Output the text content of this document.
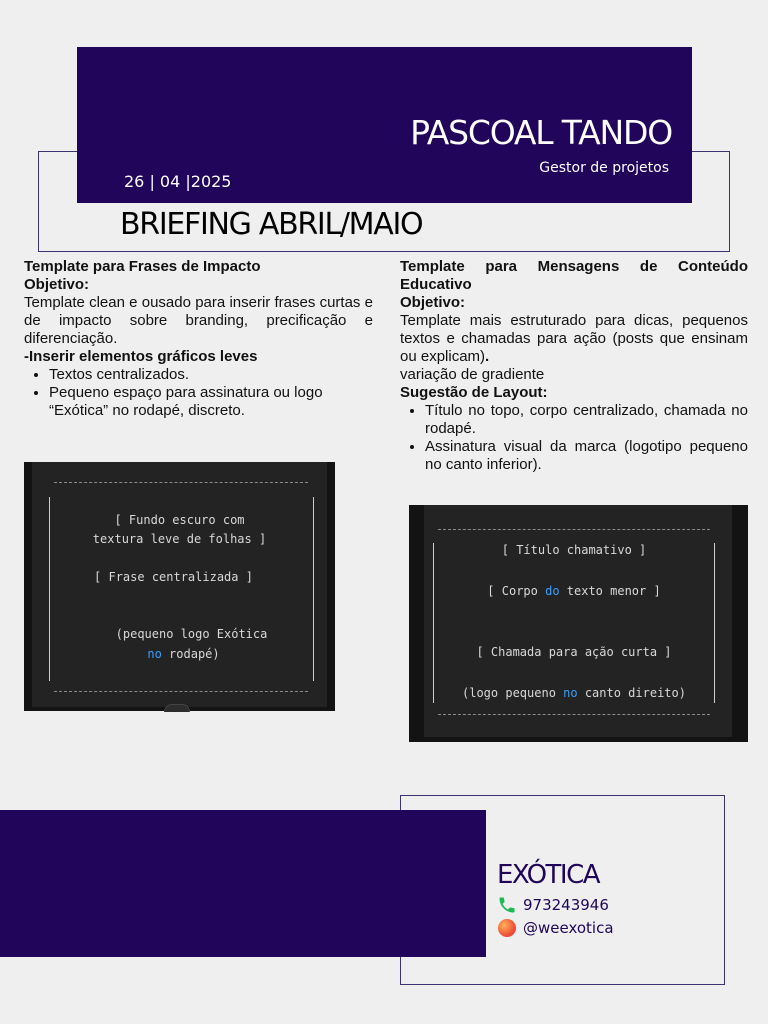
PASCOAL TANDO
Gestor de projetos
26 | 04 |2025
BRIEFING ABRIL/MAIO
Template para Frases de Impacto
Objetivo:
Template clean e ousado para inserir frases curtas e de impacto sobre branding, precificação e diferenciação.
-Inserir elementos gráficos leves
• Textos centralizados.
• Pequeno espaço para assinatura ou logo “Exótica” no rodapé, discreto.
Template para Mensagens de Conteúdo Educativo
Objetivo:
Template mais estruturado para dicas, pequenos textos e chamadas para ação (posts que ensinam ou explicam).
variação de gradiente
Sugestão de Layout:
• Título no topo, corpo centralizado, chamada no rodapé.
• Assinatura visual da marca (logotipo pequeno no canto inferior).
[ Fundo escuro com
textura leve de folhas ]
[ Frase centralizada ]
(pequeno logo Exótica
no rodapé)
[ Título chamativo ]
[ Corpo do texto menor ]
[ Chamada para ação curta ]
(logo pequeno no canto direito)
EXÓTICA
973243946
@weexotica
